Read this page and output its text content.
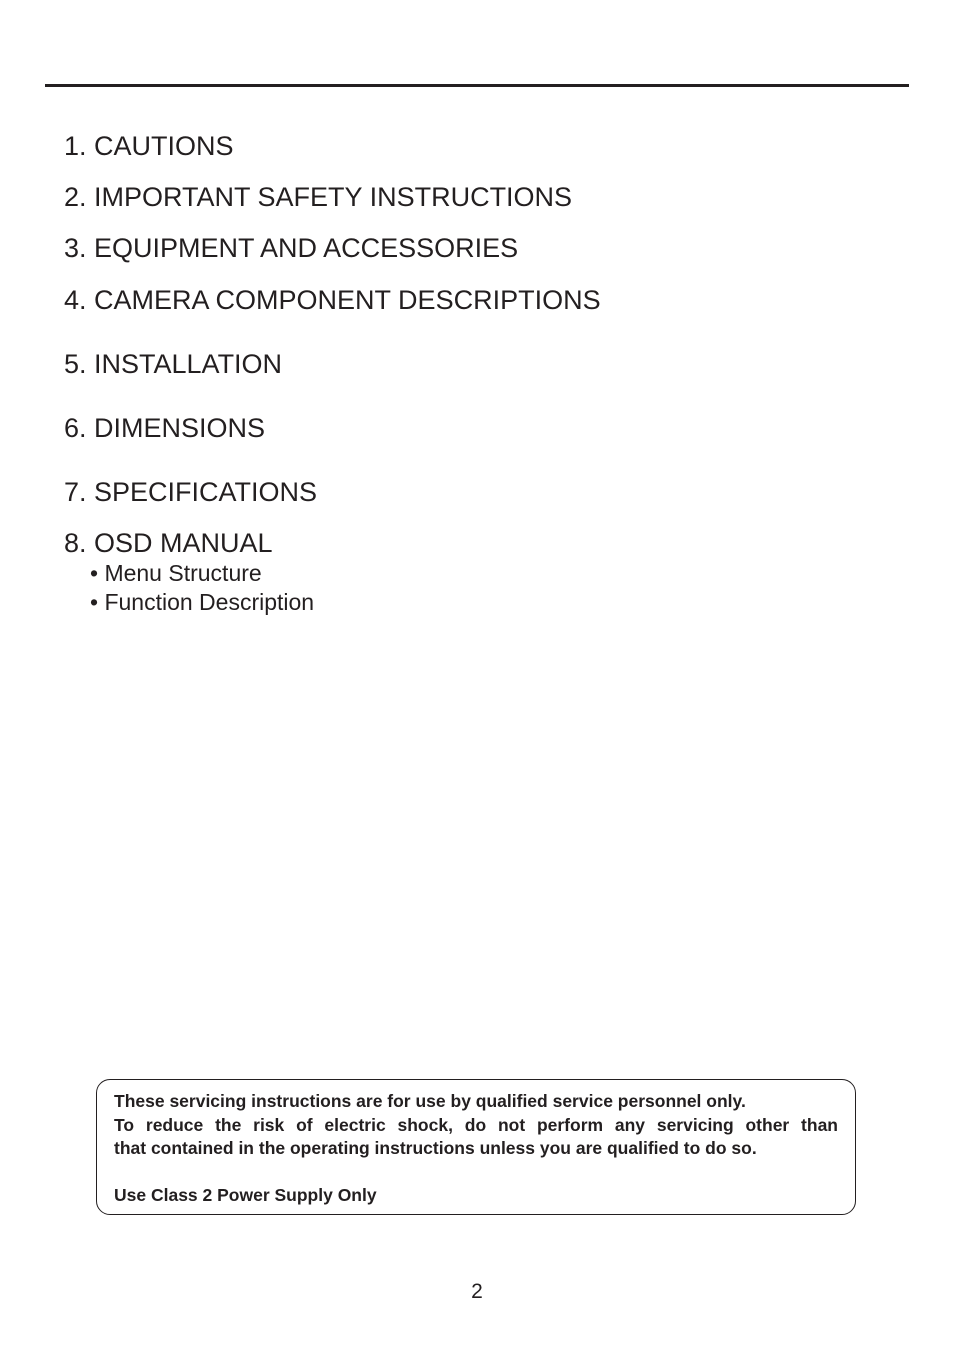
1. CAUTIONS
2. IMPORTANT SAFETY INSTRUCTIONS
3. EQUIPMENT AND ACCESSORIES
4. CAMERA COMPONENT DESCRIPTIONS
5. INSTALLATION
6. DIMENSIONS
7. SPECIFICATIONS
8. OSD MANUAL
• Menu Structure
• Function Description
These servicing instructions are for use by qualified service personnel only.
To reduce the risk of electric shock, do not perform any servicing other than
that contained in the operating instructions unless you are qualified to do so.
Use Class 2 Power Supply Only
2
